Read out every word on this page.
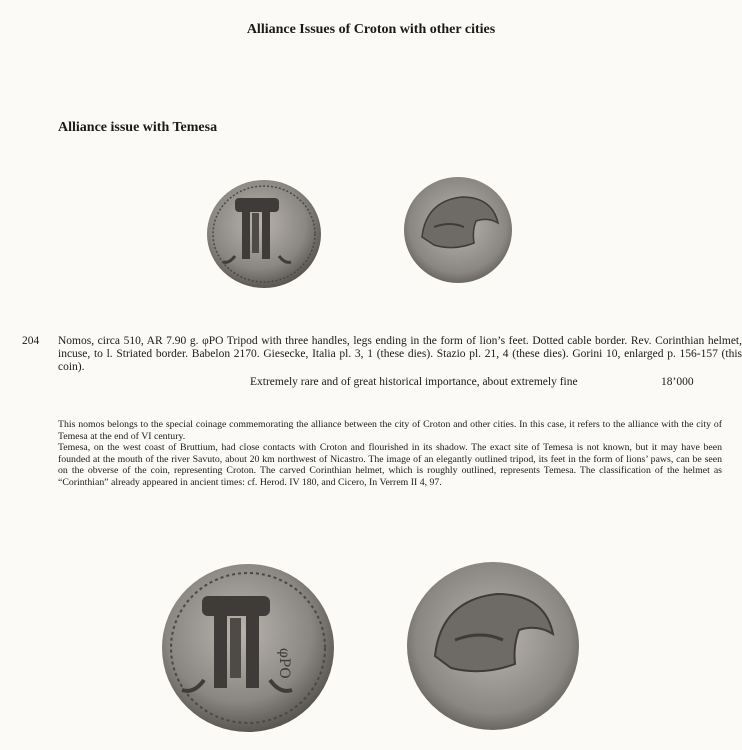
Alliance Issues of Croton with other cities
Alliance issue with Temesa
204	Nomos, circa 510, AR 7.90 g. φPO Tripod with three handles, legs ending in the form of lion’s feet. Dotted cable border. Rev. Corinthian helmet, incuse, to l. Striated border. Babelon 2170. Giesecke, Italia pl. 3, 1 (these dies). Stazio pl. 21, 4 (these dies). Gorini 10, enlarged p. 156-157 (this coin).
Extremely rare and of great historical importance, about extremely fine	18’000

This nomos belongs to the special coinage commemorating the alliance between the city of Croton and other cities. In this case, it refers to the alliance with the city of Temesa at the end of VI century.

Temesa, on the west coast of Bruttium, had close contacts with Croton and flourished in its shadow. The exact site of Temesa is not known, but it may have been founded at the mouth of the river Savuto, about 20 km northwest of Nicastro. The image of an elegantly outlined tripod, its feet in the form of lions’ paws, can be seen on the obverse of the coin, representing Croton. The carved Corinthian helmet, which is roughly outlined, represents Temesa. The classification of the helmet as “Corinthian” already appeared in ancient times: cf. Herod. IV 180, and Cicero, In Verrem II 4, 97.

φPO
